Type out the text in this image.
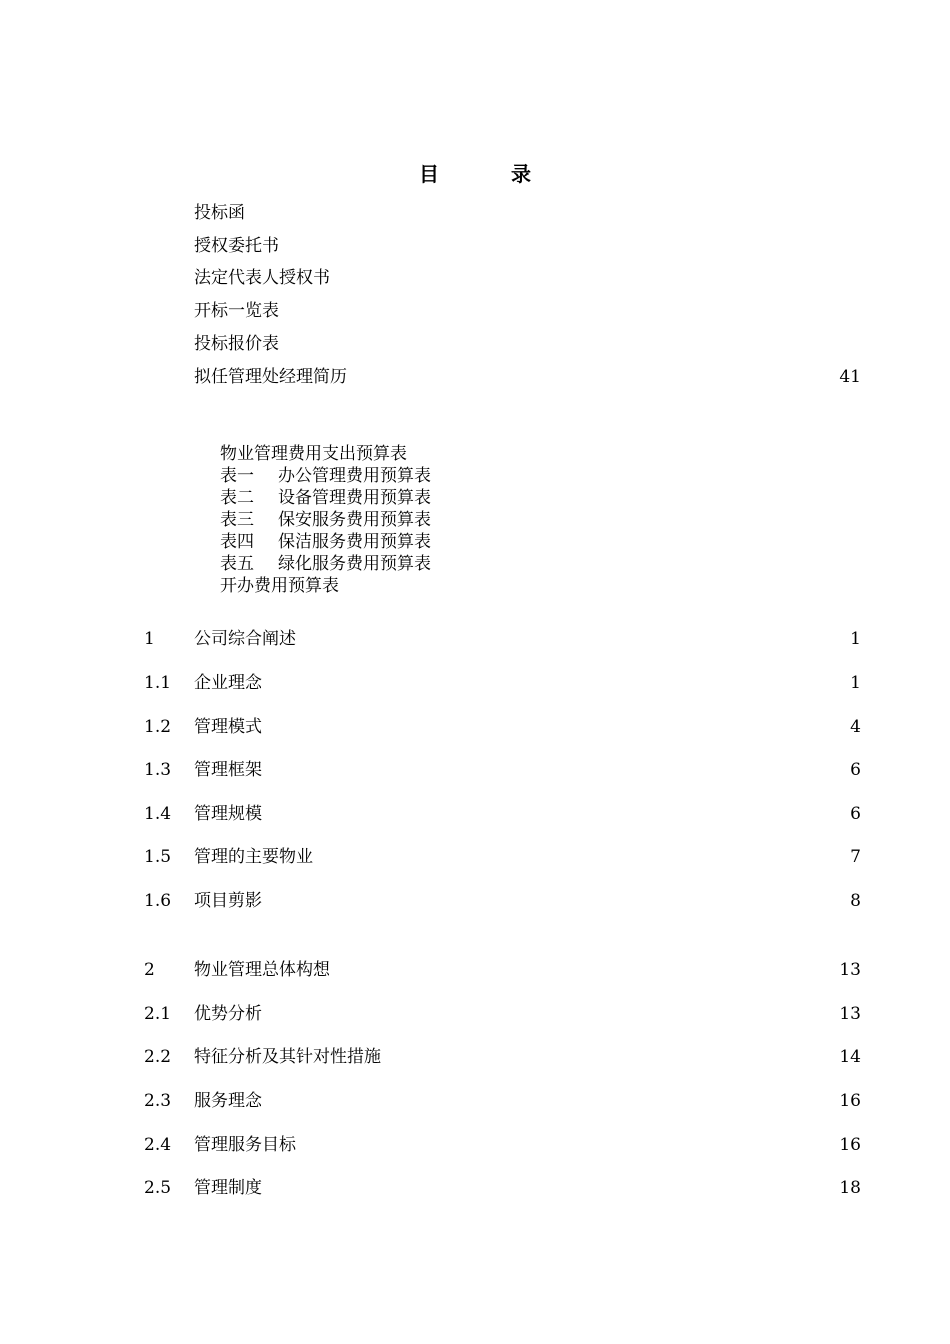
目　录
投标函
授权委托书
法定代表人授权书
开标一览表
投标报价表
拟任管理处经理简历	41
物业管理费用支出预算表
表一	办公管理费用预算表
表二	设备管理费用预算表
表三	保安服务费用预算表
表四	保洁服务费用预算表
表五	绿化服务费用预算表
开办费用预算表
1 公司综合阐述	1
1.1 企业理念	1
1.2 管理模式	4
1.3 管理框架	6
1.4 管理规模	6
1.5 管理的主要物业	7
1.6 项目剪影	8
2 物业管理总体构想	13
2.1 优势分析	13
2.2 特征分析及其针对性措施	14
2.3 服务理念	16
2.4 管理服务目标	16
2.5 管理制度	18
